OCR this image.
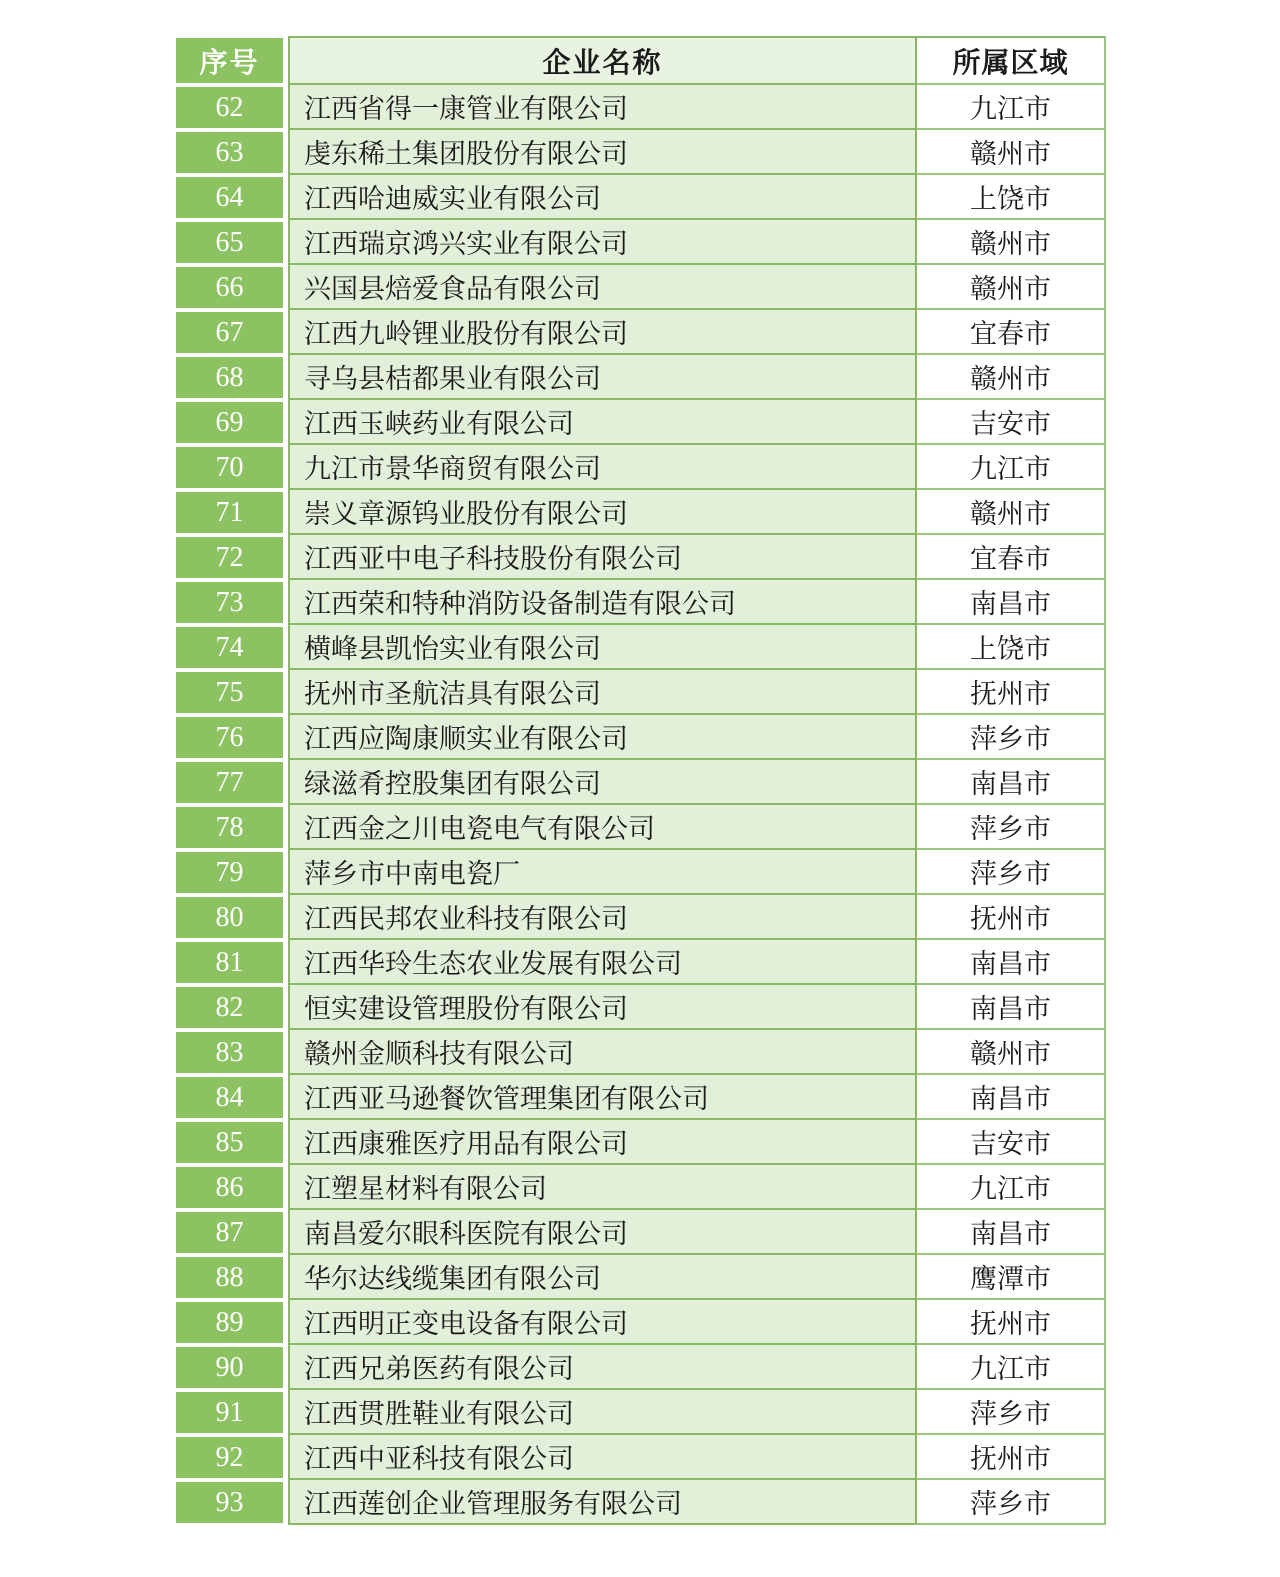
序号	企业名称	所属区域
62	江西省得一康管业有限公司	九江市
63	虔东稀土集团股份有限公司	赣州市
64	江西哈迪威实业有限公司	上饶市
65	江西瑞京鸿兴实业有限公司	赣州市
66	兴国县焙爱食品有限公司	赣州市
67	江西九岭锂业股份有限公司	宜春市
68	寻乌县桔都果业有限公司	赣州市
69	江西玉峡药业有限公司	吉安市
70	九江市景华商贸有限公司	九江市
71	崇义章源钨业股份有限公司	赣州市
72	江西亚中电子科技股份有限公司	宜春市
73	江西荣和特种消防设备制造有限公司	南昌市
74	横峰县凯怡实业有限公司	上饶市
75	抚州市圣航洁具有限公司	抚州市
76	江西应陶康顺实业有限公司	萍乡市
77	绿滋肴控股集团有限公司	南昌市
78	江西金之川电瓷电气有限公司	萍乡市
79	萍乡市中南电瓷厂	萍乡市
80	江西民邦农业科技有限公司	抚州市
81	江西华玲生态农业发展有限公司	南昌市
82	恒实建设管理股份有限公司	南昌市
83	赣州金顺科技有限公司	赣州市
84	江西亚马逊餐饮管理集团有限公司	南昌市
85	江西康雅医疗用品有限公司	吉安市
86	江塑星材料有限公司	九江市
87	南昌爱尔眼科医院有限公司	南昌市
88	华尔达线缆集团有限公司	鹰潭市
89	江西明正变电设备有限公司	抚州市
90	江西兄弟医药有限公司	九江市
91	江西贯胜鞋业有限公司	萍乡市
92	江西中亚科技有限公司	抚州市
93	江西莲创企业管理服务有限公司	萍乡市
